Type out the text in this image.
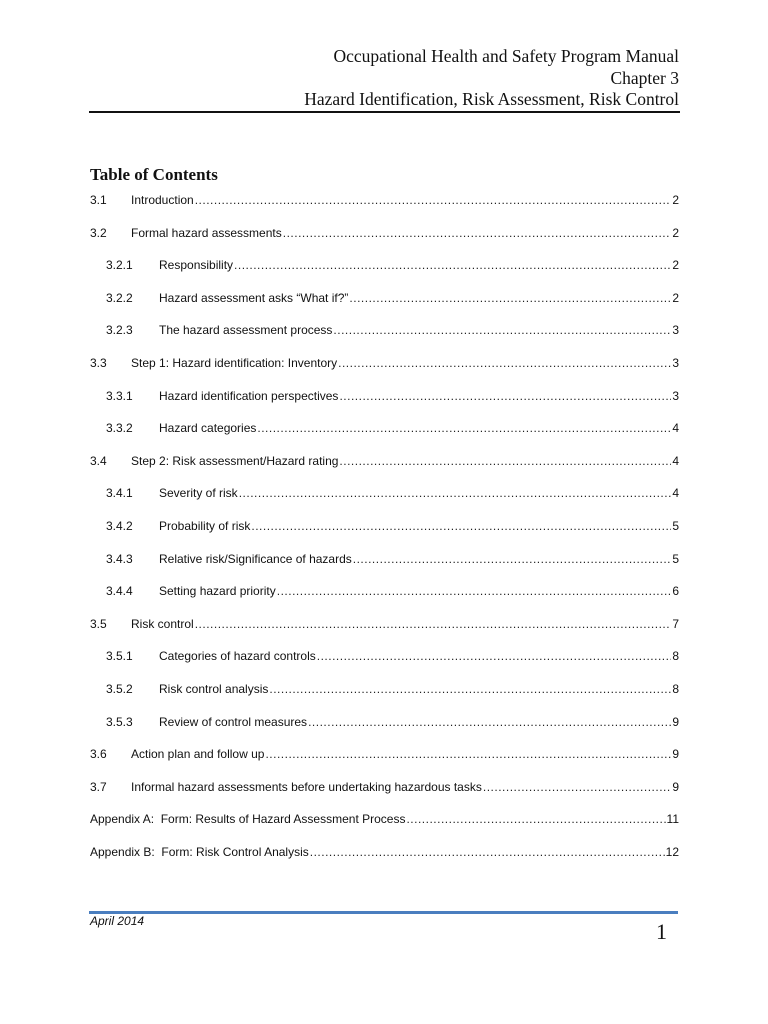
Occupational Health and Safety Program Manual
Chapter 3
Hazard Identification, Risk Assessment, Risk Control
Table of Contents
3.1	Introduction .....	2
3.2	Formal hazard assessments .....	2
3.2.1	Responsibility .....	2
3.2.2	Hazard assessment asks “What if?” .....	2
3.2.3	The hazard assessment process .....	3
3.3	Step 1: Hazard identification: Inventory .....	3
3.3.1	Hazard identification perspectives .....	3
3.3.2	Hazard categories .....	4
3.4	Step 2: Risk assessment/Hazard rating .....	4
3.4.1	Severity of risk .....	4
3.4.2	Probability of risk .....	5
3.4.3	Relative risk/Significance of hazards .....	5
3.4.4	Setting hazard priority .....	6
3.5	Risk control .....	7
3.5.1	Categories of hazard controls .....	8
3.5.2	Risk control analysis .....	8
3.5.3	Review of control measures .....	9
3.6	Action plan and follow up .....	9
3.7	Informal hazard assessments before undertaking hazardous tasks .....	9
Appendix A:  Form: Results of Hazard Assessment Process .....	11
Appendix B:  Form: Risk Control Analysis .....	12
April 2014	1
